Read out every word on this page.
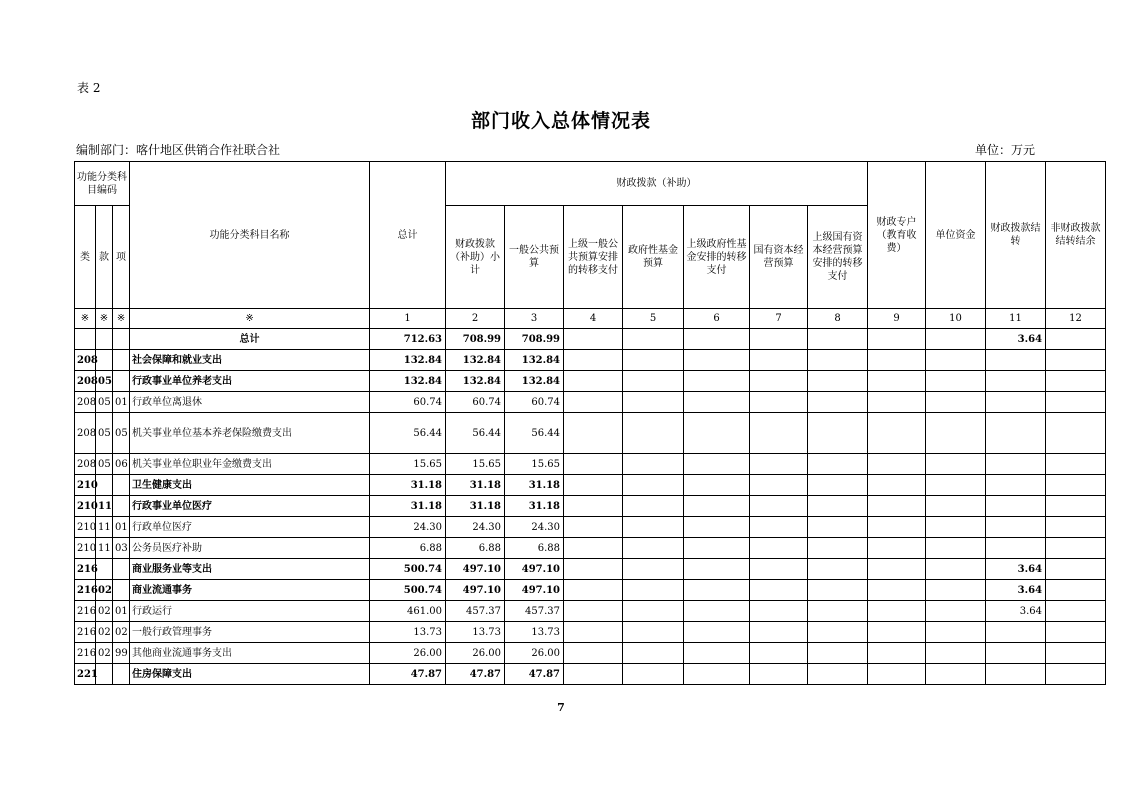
表 2
部门收入总体情况表
编制部门：喀什地区供销合作社联合社	单位：万元
功能分类科目编码			功能分类科目名称	总计	财政拨款（补助）							财政专户（教育收费）	单位资金	财政拨款结转	非财政拨款结转结余
类	款	项			财政拨款（补助）小计	一般公共预算	上级一般公共预算安排的转移支付	政府性基金预算	上级政府性基金安排的转移支付	国有资本经营预算	上级国有资本经营预算安排的转移支付				
※	※	※	※	1	2	3	4	5	6	7	8	9	10	11	12
			总计	712.63	708.99	708.99								3.64	
208			社会保障和就业支出	132.84	132.84	132.84									
208	05		行政事业单位养老支出	132.84	132.84	132.84									
208	05	01	行政单位离退休	60.74	60.74	60.74									
208	05	05	机关事业单位基本养老保险缴费支出	56.44	56.44	56.44									
208	05	06	机关事业单位职业年金缴费支出	15.65	15.65	15.65									
210			卫生健康支出	31.18	31.18	31.18									
210	11		行政事业单位医疗	31.18	31.18	31.18									
210	11	01	行政单位医疗	24.30	24.30	24.30									
210	11	03	公务员医疗补助	6.88	6.88	6.88									
216			商业服务业等支出	500.74	497.10	497.10								3.64	
216	02		商业流通事务	500.74	497.10	497.10								3.64	
216	02	01	行政运行	461.00	457.37	457.37								3.64	
216	02	02	一般行政管理事务	13.73	13.73	13.73									
216	02	99	其他商业流通事务支出	26.00	26.00	26.00									
221			住房保障支出	47.87	47.87	47.87									
7
